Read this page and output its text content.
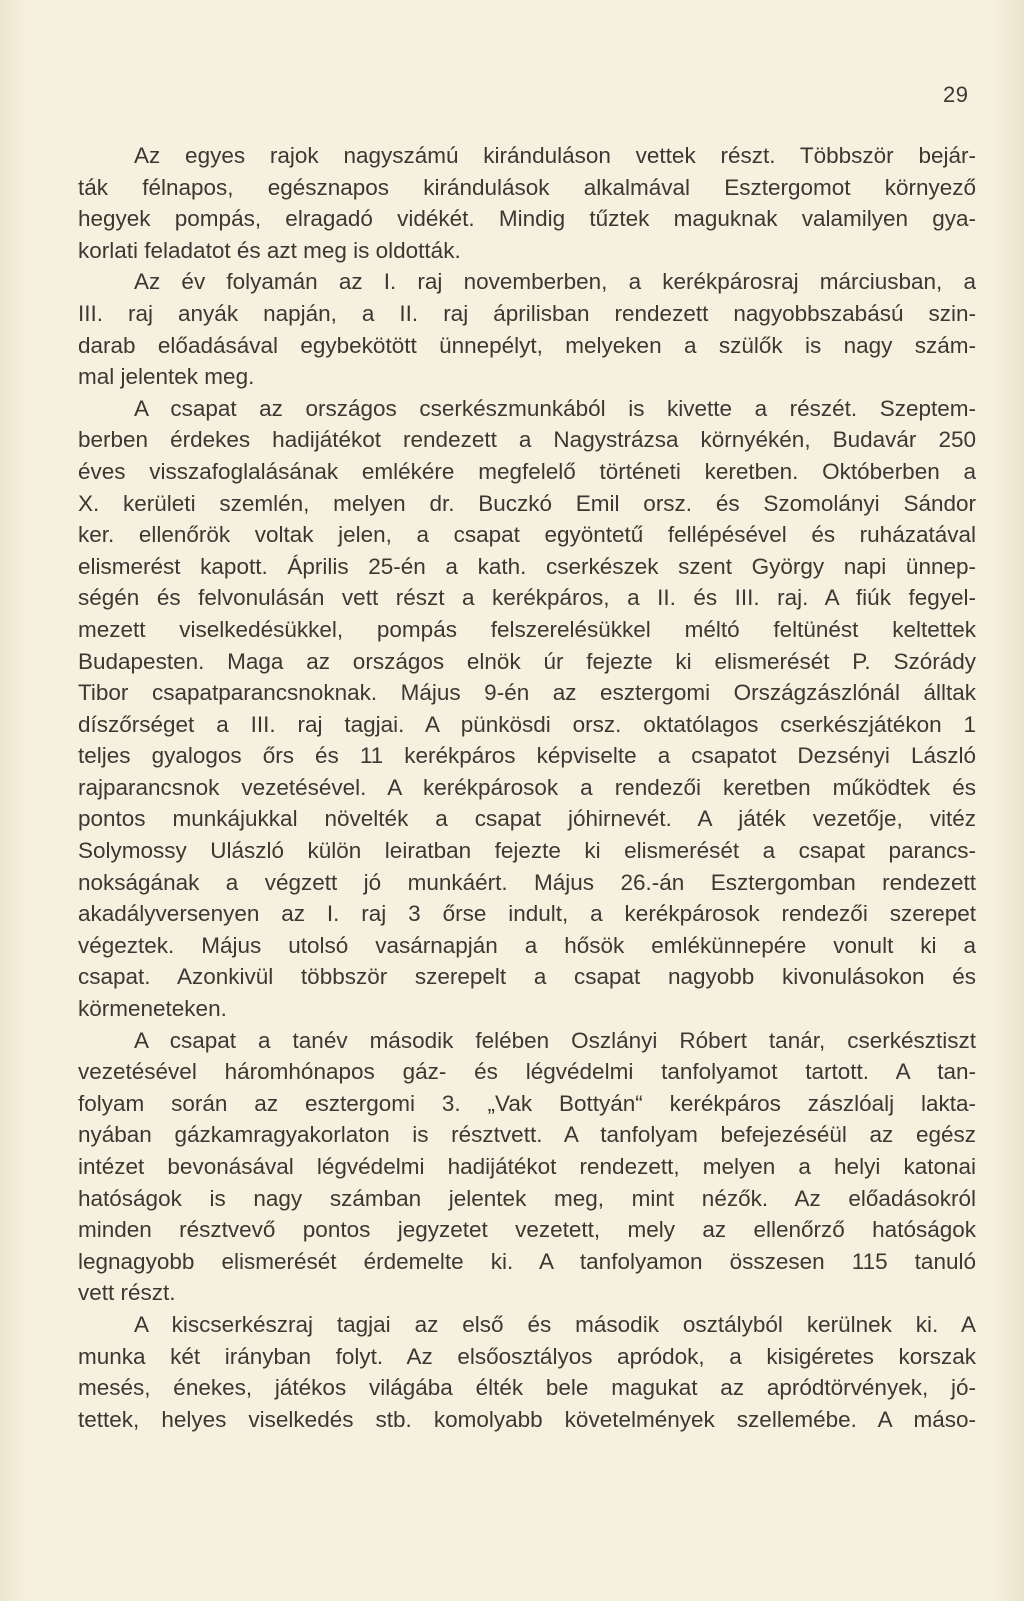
29
Az egyes rajok nagyszámú kiránduláson vettek részt. Többször bejár-
ták félnapos, egésznapos kirándulások alkalmával Esztergomot környező
hegyek pompás, elragadó vidékét. Mindig tűztek maguknak valamilyen gya-
korlati feladatot és azt meg is oldották.
Az év folyamán az I. raj novemberben, a kerékpárosraj márciusban, a
III. raj anyák napján, a II. raj áprilisban rendezett nagyobbszabású szin-
darab előadásával egybekötött ünnepélyt, melyeken a szülők is nagy szám-
mal jelentek meg.
A csapat az országos cserkészmunkából is kivette a részét. Szeptem-
berben érdekes hadijátékot rendezett a Nagystrázsa környékén, Budavár 250
éves visszafoglalásának emlékére megfelelő történeti keretben. Októberben a
X. kerületi szemlén, melyen dr. Buczkó Emil orsz. és Szomolányi Sándor
ker. ellenőrök voltak jelen, a csapat egyöntetű fellépésével és ruházatával
elismerést kapott. Április 25-én a kath. cserkészek szent György napi ünnep-
ségén és felvonulásán vett részt a kerékpáros, a II. és III. raj. A fiúk fegyel-
mezett viselkedésükkel, pompás felszerelésükkel méltó feltünést keltettek
Budapesten. Maga az országos elnök úr fejezte ki elismerését P. Szórády
Tibor csapatparancsnoknak. Május 9-én az esztergomi Országzászlónál álltak
díszőrséget a III. raj tagjai. A pünkösdi orsz. oktatólagos cserkészjátékon 1
teljes gyalogos őrs és 11 kerékpáros képviselte a csapatot Dezsényi László
rajparancsnok vezetésével. A kerékpárosok a rendezői keretben működtek és
pontos munkájukkal növelték a csapat jóhirnevét. A játék vezetője, vitéz
Solymossy Ulászló külön leiratban fejezte ki elismerését a csapat parancs-
nokságának a végzett jó munkáért. Május 26.-án Esztergomban rendezett
akadályversenyen az I. raj 3 őrse indult, a kerékpárosok rendezői szerepet
végeztek. Május utolsó vasárnapján a hősök emlékünnepére vonult ki a
csapat. Azonkivül többször szerepelt a csapat nagyobb kivonulásokon és
körmeneteken.
A csapat a tanév második felében Oszlányi Róbert tanár, cserkésztiszt
vezetésével háromhónapos gáz- és légvédelmi tanfolyamot tartott. A tan-
folyam során az esztergomi 3. „Vak Bottyán“ kerékpáros zászlóalj lakta-
nyában gázkamragyakorlaton is résztvett. A tanfolyam befejezéséül az egész
intézet bevonásával légvédelmi hadijátékot rendezett, melyen a helyi katonai
hatóságok is nagy számban jelentek meg, mint nézők. Az előadásokról
minden résztvevő pontos jegyzetet vezetett, mely az ellenőrző hatóságok
legnagyobb elismerését érdemelte ki. A tanfolyamon összesen 115 tanuló
vett részt.
A kiscserkészraj tagjai az első és második osztályból kerülnek ki. A
munka két irányban folyt. Az elsőosztályos apródok, a kisigéretes korszak
mesés, énekes, játékos világába élték bele magukat az apródtörvények, jó-
tettek, helyes viselkedés stb. komolyabb követelmények szellemébe. A máso-
